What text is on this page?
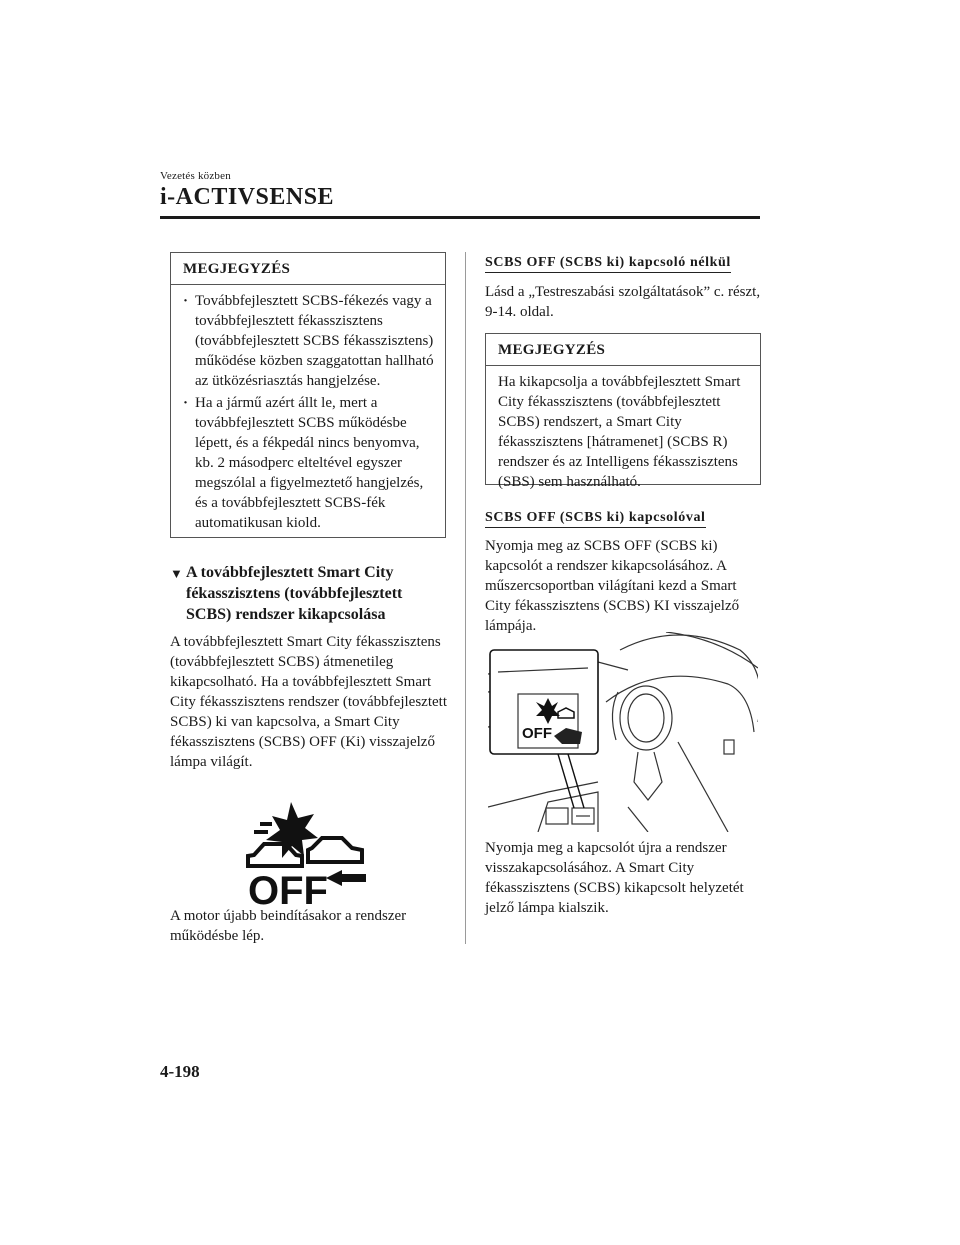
Vezetés közben
i-ACTIVSENSE
MEGJEGYZÉS
· Továbbfejlesztett SCBS-fékezés vagy a továbbfejlesztett fékasszisztens (továbbfejlesztett SCBS fékasszisztens) működése közben szaggatottan hallható az ütközésriasztás hangjelzése.
· Ha a jármű azért állt le, mert a továbbfejlesztett SCBS működésbe lépett, és a fékpedál nincs benyomva, kb. 2 másodperc elteltével egyszer megszólal a figyelmeztető hangjelzés, és a továbbfejlesztett SCBS-fék automatikusan kiold.
▼ A továbbfejlesztett Smart City fékasszisztens (továbbfejlesztett SCBS) rendszer kikapcsolása
A továbbfejlesztett Smart City fékasszisztens (továbbfejlesztett SCBS) átmenetileg kikapcsolható. Ha a továbbfejlesztett Smart City fékasszisztens rendszer (továbbfejlesztett SCBS) ki van kapcsolva, a Smart City fékasszisztens (SCBS) OFF (Ki) visszajelző lámpa világít.
OFF
A motor újabb beindításakor a rendszer működésbe lép.
SCBS OFF (SCBS ki) kapcsoló nélkül
Lásd a „Testreszabási szolgáltatások” c. részt, 9-14. oldal.
MEGJEGYZÉS
Ha kikapcsolja a továbbfejlesztett Smart City fékasszisztens (továbbfejlesztett SCBS) rendszert, a Smart City fékasszisztens [hátramenet] (SCBS R) rendszer és az Intelligens fékasszisztens (SBS) sem használható.
SCBS OFF (SCBS ki) kapcsolóval
Nyomja meg az SCBS OFF (SCBS ki) kapcsolót a rendszer kikapcsolásához. A műszercsoportban világítani kezd a Smart City fékasszisztens (SCBS) KI visszajelző lámpája.
OFF
Nyomja meg a kapcsolót újra a rendszer visszakapcsolásához. A Smart City fékasszisztens (SCBS) kikapcsolt helyzetét jelző lámpa kialszik.
4-198
